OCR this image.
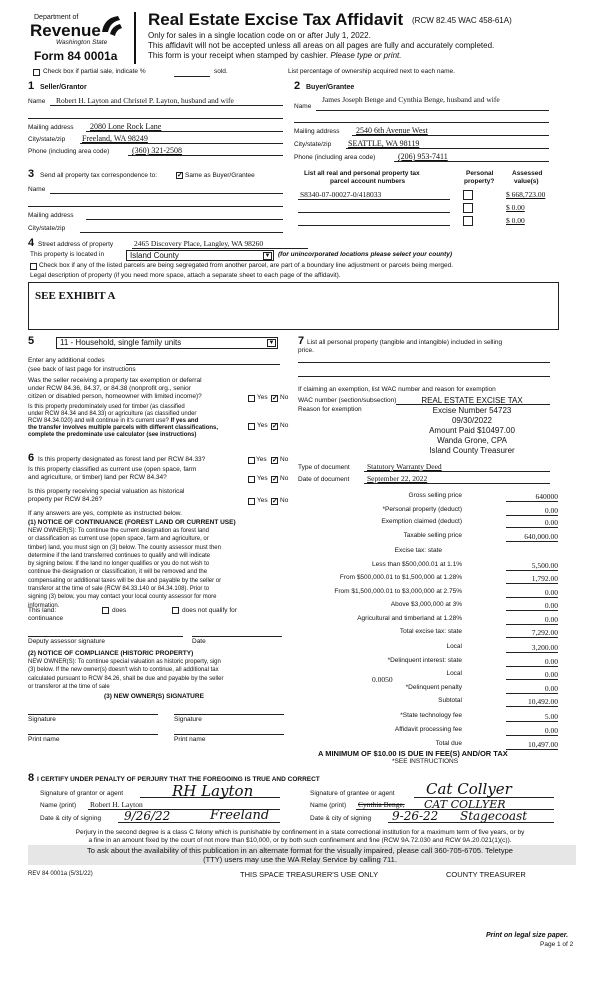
Department of
Revenue
Washington State
Form 84 0001a
Real Estate Excise Tax Affidavit (RCW 82.45 WAC 458-61A)
Only for sales in a single location code on or after July 1, 2022.
This affidavit will not be accepted unless all areas on all pages are fully and accurately completed.
This form is your receipt when stamped by cashier. Please type or print.
Check box if partial sale, indicate %	sold.	List percentage of ownership acquired next to each name.
1 Seller/Grantor
Name Robert H. Layton and Christel P. Layton, husband and wife
Mailing address 2080 Lone Rock Lane
City/state/zip Freeland, WA 98249
Phone (including area code)	(360) 321-2508
2 Buyer/Grantee
James Joseph Benge and Cynthia Benge, husband and wife
Name
Mailing address 2540 6th Avenue West
City/state/zip SEATTLE, WA 98119
Phone (including area code)	(206) 953-7411
3 Send all property tax correspondence to:	✓ Same as Buyer/Grantee
Name
Mailing address
City/state/zip
List all real and personal property tax
parcel account numbers
Personal
property?
Assessed
value(s)
S8340-07-00027-0/418033	$ 668,723.00
$ 0.00
$ 0.00
4 Street address of property	2465 Discovery Place, Langley, WA 98260
This property is located in	Island County	▼ (for unincorporated locations please select your county)
Check box if any of the listed parcels are being segregated from another parcel, are part of a boundary line adjustment or parcels being merged.
Legal description of property (if you need more space, attach a separate sheet to each page of the affidavit).
SEE EXHIBIT A
5	11 - Household, single family units	▼
Enter any additional codes
(see back of last page for instructions
Was the seller receiving a property tax exemption or deferral
under RCW 84.36, 84.37, or 84.38 (nonprofit org., senior
citizen or disabled person, homeowner with limited income)?	Yes ✓ No
Is this property predominately used for timber (as classified
under RCW 84.34 and 84.33) or agriculture (as classified under
RCW 84.34.020) and will continue in it's current use? If yes and
the transfer involves multiple parcels with different classifications,
complete the predominate use calculator (see instructions)
Yes ✓ No
6 Is this property designated as forest land per RCW 84.33?	Yes ✓ No
Is this property classified as current use (open space, farm
and agriculture, or timber) land per RCW 84.34?	Yes ✓ No
Is this property receiving special valuation as historical
property per RCW 84.26?	Yes ✓ No
If any answers are yes, complete as instructed below.
(1) NOTICE OF CONTINUANCE (FOREST LAND OR CURRENT USE)
NEW OWNER(S): To continue the current designation as forest land
or classification as current use (open space, farm and agriculture, or
timber) land, you must sign on (3) below. The county assessor must then
determine if the land transferred continues to qualify and will indicate
by signing below. If the land no longer qualifies or you do not wish to
continue the designation or classification, it will be removed and the
compensating or additional taxes will be due and payable by the seller or
transferor at the time of sale (RCW 84.33.140 or 84.34.108). Prior to
signing (3) below, you may contact your local county assessor for more
information.
This land:	does	does not qualify for
continuance
Deputy assessor signature	Date
(2) NOTICE OF COMPLIANCE (HISTORIC PROPERTY)
NEW OWNER(S): To continue special valuation as historic property, sign
(3) below. If the new owner(s) doesn't wish to continue, all additional tax
calculated pursuant to RCW 84.26, shall be due and payable by the seller
or transferor at the time of sale
(3) NEW OWNER(S) SIGNATURE
Signature	Signature
Print name	Print name
7 List all personal property (tangible and intangible) included in selling
price.
If claiming an exemption, list WAC number and reason for exemption
WAC number (section/subsection)
Reason for exemption
REAL ESTATE EXCISE TAX
Excise Number 54723
09/30/2022
Amount Paid $10497.00
Wanda Grone, CPA
Island County Treasurer
Type of document Statutory Warranty Deed
Date of document September 22, 2022
Gross selling price	640000
*Personal property (deduct)	0.00
Exemption claimed (deduct)	0.00
Taxable selling price	640,000.00
Excise tax: state
Less than $500,000.01 at 1.1%	5,500.00
From $500,000.01 to $1,500,000 at 1.28%	1,792.00
From $1,500,000.01 to $3,000,000 at 2.75%	0.00
Above $3,000,000 at 3%	0.00
Agricultural and timberland at 1.28%	0.00
Total excise tax: state	7,292.00
Local	3,200.00
*Delinquent interest: state	0.00
Local	0.00
*Delinquent penalty	0.00
Subtotal	10,492.00
*State technology fee	5.00
Affidavit processing fee	0.00
Total due	10,497.00
0.0050
A MINIMUM OF $10.00 IS DUE IN FEE(S) AND/OR TAX
*SEE INSTRUCTIONS
8 I CERTIFY UNDER PENALTY OF PERJURY THAT THE FOREGOING IS TRUE AND CORRECT
Signature of grantor or agent	RH Layton
Name (print) Robert H. Layton
Date & city of signing 9/26/22	Freeland
Signature of grantee or agent Cat Collyer
Name (print) Cynthia Benge, CAT COLLYER
Date & city of signing 9-26-22 Stagecoast
Perjury in the second degree is a class C felony which is punishable by confinement in a state correctional institution for a maximum term of five years, or by
a fine in an amount fixed by the court of not more than $10,000, or by both such confinement and fine (RCW 9A.72.030 and RCW 9A.20.021(1)(c)).
To ask about the availability of this publication in an alternate format for the visually impaired, please call 360-705-6705. Teletype
(TTY) users may use the WA Relay Service by calling 711.
REV 84 0001a (5/31/22)	THIS SPACE TREASURER'S USE ONLY	COUNTY TREASURER
Print on legal size paper.
Page 1 of 2
